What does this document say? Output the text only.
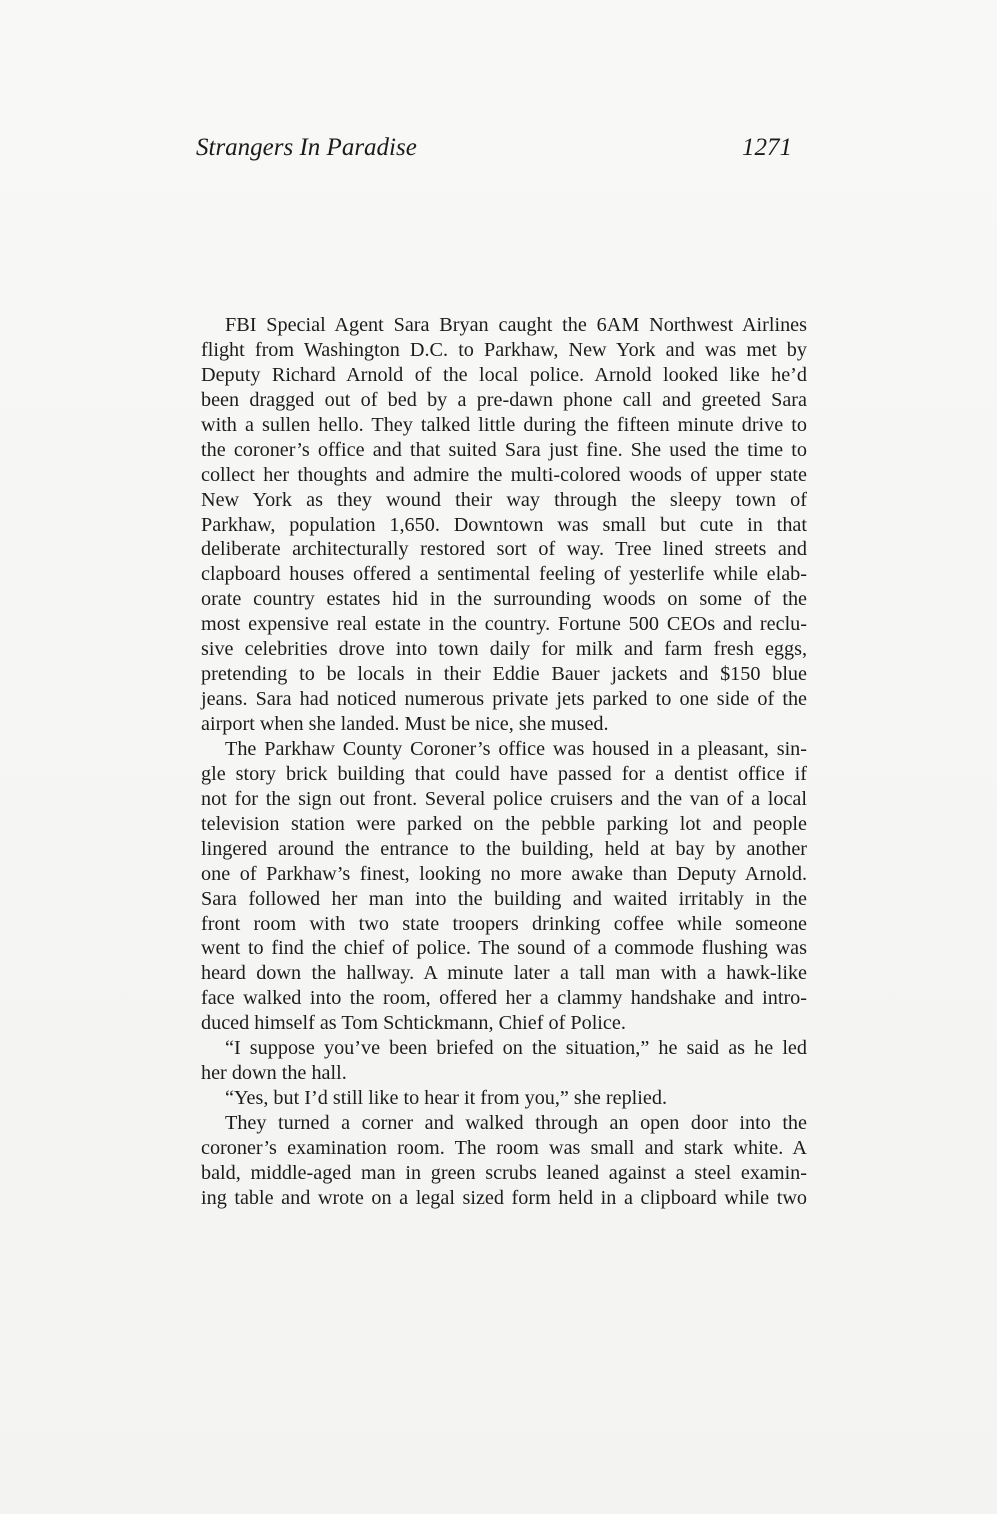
Strangers In Paradise	1271
FBI Special Agent Sara Bryan caught the 6AM Northwest Airlines
flight from Washington D.C. to Parkhaw, New York and was met by
Deputy Richard Arnold of the local police. Arnold looked like he’d
been dragged out of bed by a pre-dawn phone call and greeted Sara
with a sullen hello. They talked little during the fifteen minute drive to
the coroner’s office and that suited Sara just fine. She used the time to
collect her thoughts and admire the multi-colored woods of upper state
New York as they wound their way through the sleepy town of
Parkhaw, population 1,650. Downtown was small but cute in that
deliberate architecturally restored sort of way. Tree lined streets and
clapboard houses offered a sentimental feeling of yesterlife while elab-
orate country estates hid in the surrounding woods on some of the
most expensive real estate in the country. Fortune 500 CEOs and reclu-
sive celebrities drove into town daily for milk and farm fresh eggs,
pretending to be locals in their Eddie Bauer jackets and $150 blue
jeans. Sara had noticed numerous private jets parked to one side of the
airport when she landed. Must be nice, she mused.
The Parkhaw County Coroner’s office was housed in a pleasant, sin-
gle story brick building that could have passed for a dentist office if
not for the sign out front. Several police cruisers and the van of a local
television station were parked on the pebble parking lot and people
lingered around the entrance to the building, held at bay by another
one of Parkhaw’s finest, looking no more awake than Deputy Arnold.
Sara followed her man into the building and waited irritably in the
front room with two state troopers drinking coffee while someone
went to find the chief of police. The sound of a commode flushing was
heard down the hallway. A minute later a tall man with a hawk-like
face walked into the room, offered her a clammy handshake and intro-
duced himself as Tom Schtickmann, Chief of Police.
“I suppose you’ve been briefed on the situation,” he said as he led
her down the hall.
“Yes, but I’d still like to hear it from you,” she replied.
They turned a corner and walked through an open door into the
coroner’s examination room. The room was small and stark white. A
bald, middle-aged man in green scrubs leaned against a steel examin-
ing table and wrote on a legal sized form held in a clipboard while two
